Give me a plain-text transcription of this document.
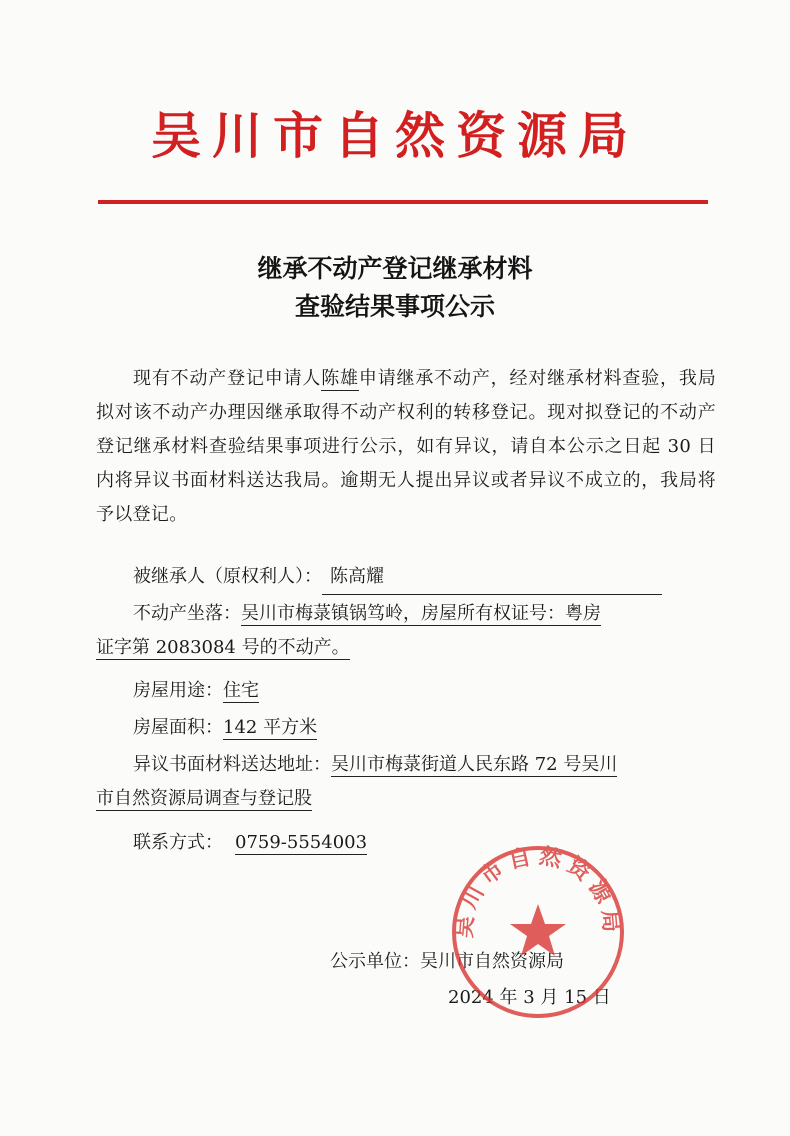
吴川市自然资源局
继承不动产登记继承材料
查验结果事项公示

现有不动产登记申请人陈雄申请继承不动产，经对继承材料查验，我局拟对该不动产办理因继承取得不动产权利的转移登记。现对拟登记的不动产登记继承材料查验结果事项进行公示，如有异议，请自本公示之日起 30 日内将异议书面材料送达我局。逾期无人提出异议或者异议不成立的，我局将予以登记。

被继承人（原权利人）： 陈高耀
不动产坐落：吴川市梅菉镇锅笃岭，房屋所有权证号：粤房
证字第 2083084 号的不动产。
房屋用途：住宅
房屋面积：142 平方米
异议书面材料送达地址：吴川市梅菉街道人民东路 72 号吴川
市自然资源局调查与登记股
联系方式： 0759-5554003
公示单位：吴川市自然资源局
2024 年 3 月 15 日
吴川市自然资源局
